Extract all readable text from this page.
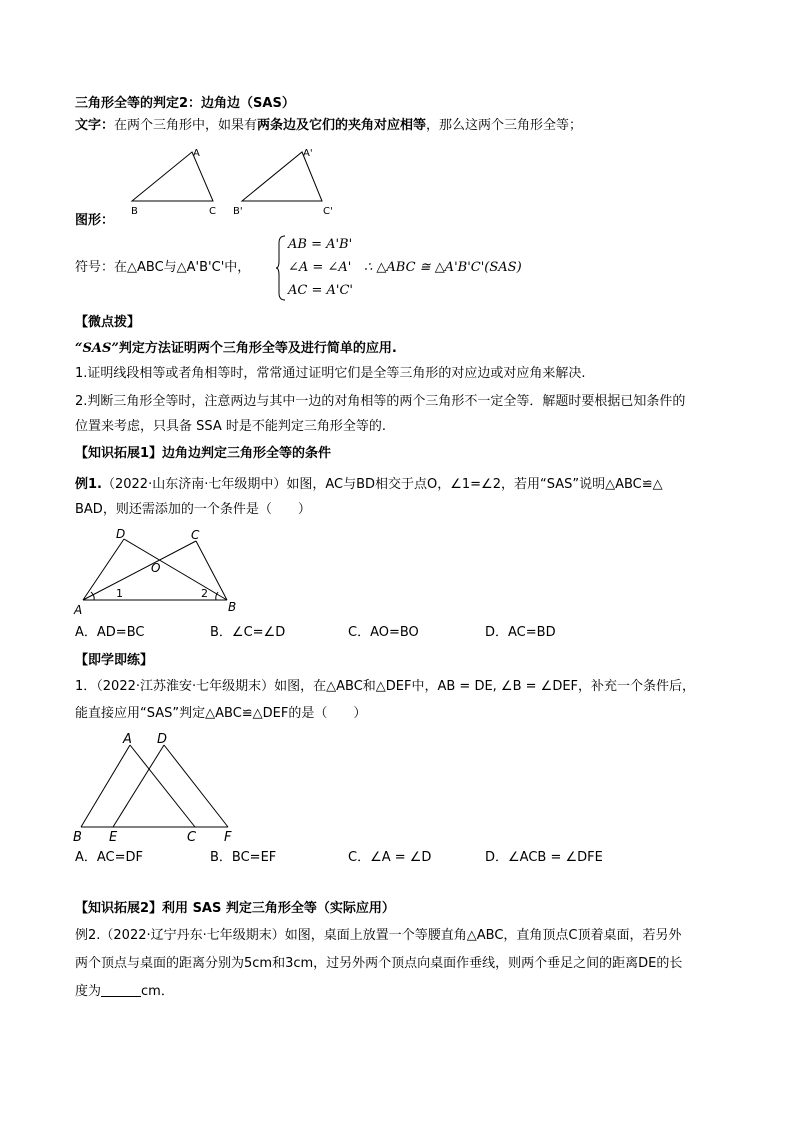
三角形全等的判定2：边角边（SAS）
文字：在两个三角形中，如果有两条边及它们的夹角对应相等，那么这两个三角形全等；
A
B	C
A'
B'	C'
图形：
符号：在△ABC与△A'B'C'中，
AB = A'B'
∠A = ∠A'
AC = A'C'
∴ △ABC ≅ △A'B'C'(SAS)
【微点拨】
“SAS”判定方法证明两个三角形全等及进行简单的应用.
1.证明线段相等或者角相等时，常常通过证明它们是全等三角形的对应边或对应角来解决.
2.判断三角形全等时，注意两边与其中一边的对角相等的两个三角形不一定全等．解题时要根据已知条件的
位置来考虑，只具备 SSA 时是不能判定三角形全等的.
【知识拓展1】边角边判定三角形全等的条件
例1.（2022·山东济南·七年级期中）如图，AC与BD相交于点O，∠1=∠2，若用“SAS”说明△ABC≌△
BAD，则还需添加的一个条件是（　　）
D	C
O
A	B
1	2
A．AD=BC	B．∠C=∠D	C．AO=BO	D．AC=BD
【即学即练】
1．（2022·江苏淮安·七年级期末）如图，在△ABC和△DEF中，AB = DE, ∠B = ∠DEF，补充一个条件后，
能直接应用“SAS”判定△ABC≌△DEF的是（　　）
A D
B E	C F
A．AC=DF	B．BC=EF	C．∠A = ∠D	D．∠ACB = ∠DFE
【知识拓展2】利用 SAS 判定三角形全等（实际应用）
例2.（2022·辽宁丹东·七年级期末）如图，桌面上放置一个等腰直角△ABC，直角顶点C顶着桌面，若另外
两个顶点与桌面的距离分别为5cm和3cm，过另外两个顶点向桌面作垂线，则两个垂足之间的距离DE的长
度为	cm．
